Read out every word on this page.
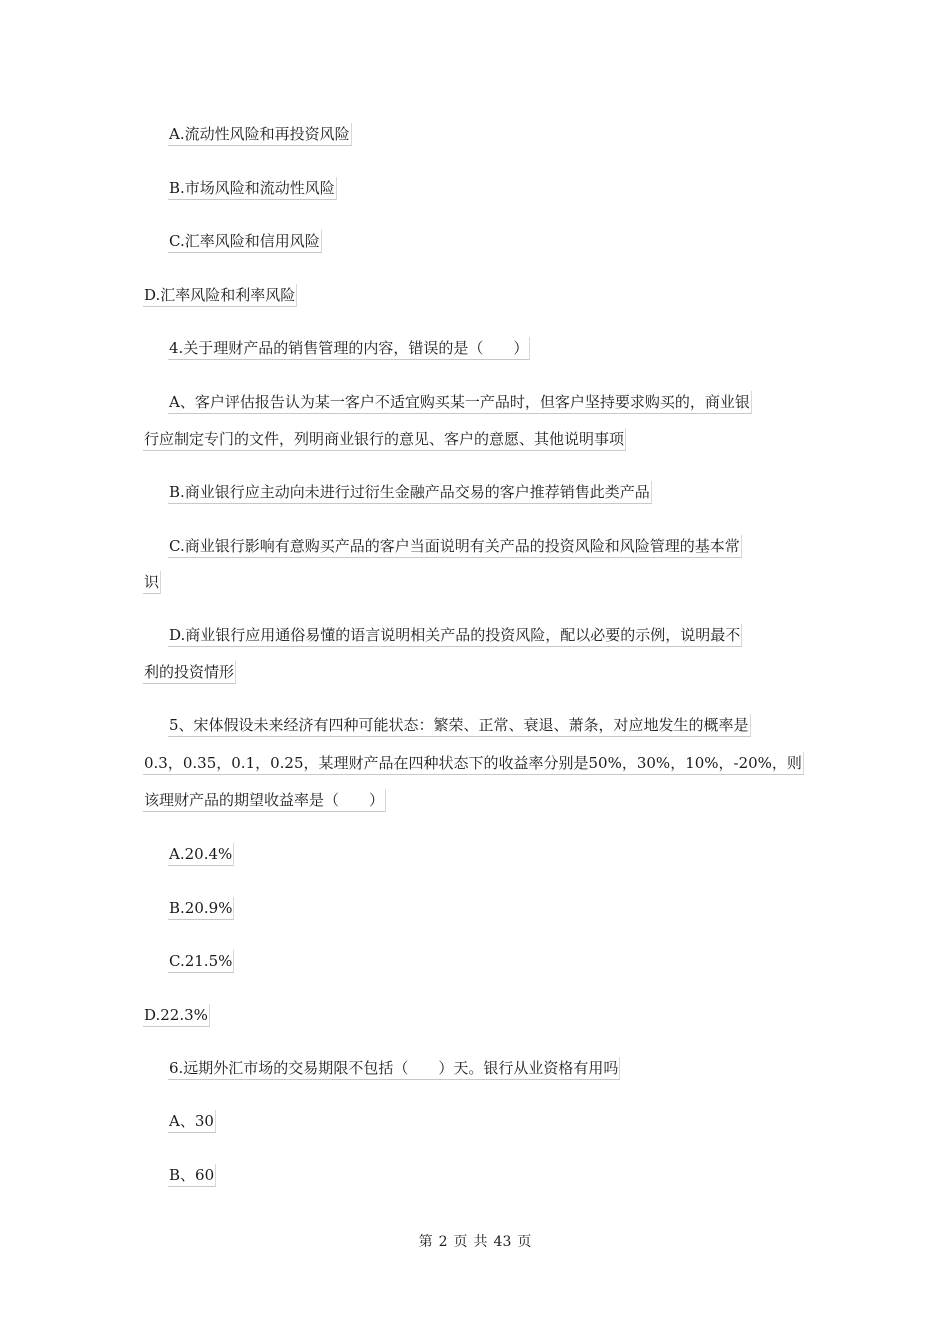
A.流动性风险和再投资风险
B.市场风险和流动性风险
C.汇率风险和信用风险
D.汇率风险和利率风险
4.关于理财产品的销售管理的内容，错误的是（　　）
A、客户评估报告认为某一客户不适宜购买某一产品时，但客户坚持要求购买的，商业银
行应制定专门的文件，列明商业银行的意见、客户的意愿、其他说明事项
B.商业银行应主动向未进行过衍生金融产品交易的客户推荐销售此类产品
C.商业银行影响有意购买产品的客户当面说明有关产品的投资风险和风险管理的基本常
识
D.商业银行应用通俗易懂的语言说明相关产品的投资风险，配以必要的示例，说明最不
利的投资情形
5、宋体假设未来经济有四种可能状态：繁荣、正常、衰退、萧条，对应地发生的概率是
0.3，0.35，0.1，0.25，某理财产品在四种状态下的收益率分别是50%，30%，10%，-20%，则
该理财产品的期望收益率是（　　）
A.20.4%
B.20.9%
C.21.5%
D.22.3%
6.远期外汇市场的交易期限不包括（　　）天。银行从业资格有用吗
A、30
B、60
第 2 页 共 43 页
